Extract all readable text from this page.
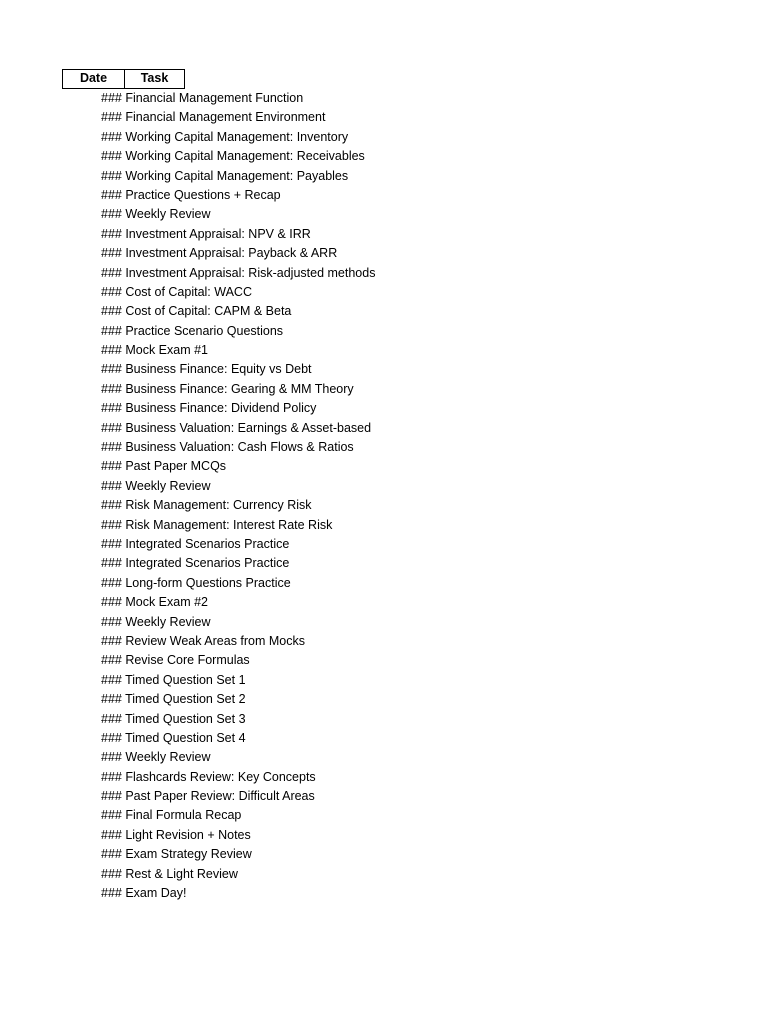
Date	Task
### Financial Management Function
### Financial Management Environment
### Working Capital Management: Inventory
### Working Capital Management: Receivables
### Working Capital Management: Payables
### Practice Questions + Recap
### Weekly Review
### Investment Appraisal: NPV & IRR
### Investment Appraisal: Payback & ARR
### Investment Appraisal: Risk-adjusted methods
### Cost of Capital: WACC
### Cost of Capital: CAPM & Beta
### Practice Scenario Questions
### Mock Exam #1
### Business Finance: Equity vs Debt
### Business Finance: Gearing & MM Theory
### Business Finance: Dividend Policy
### Business Valuation: Earnings & Asset-based
### Business Valuation: Cash Flows & Ratios
### Past Paper MCQs
### Weekly Review
### Risk Management: Currency Risk
### Risk Management: Interest Rate Risk
### Integrated Scenarios Practice
### Integrated Scenarios Practice
### Long-form Questions Practice
### Mock Exam #2
### Weekly Review
### Review Weak Areas from Mocks
### Revise Core Formulas
### Timed Question Set 1
### Timed Question Set 2
### Timed Question Set 3
### Timed Question Set 4
### Weekly Review
### Flashcards Review: Key Concepts
### Past Paper Review: Difficult Areas
### Final Formula Recap
### Light Revision + Notes
### Exam Strategy Review
### Rest & Light Review
### Exam Day!
